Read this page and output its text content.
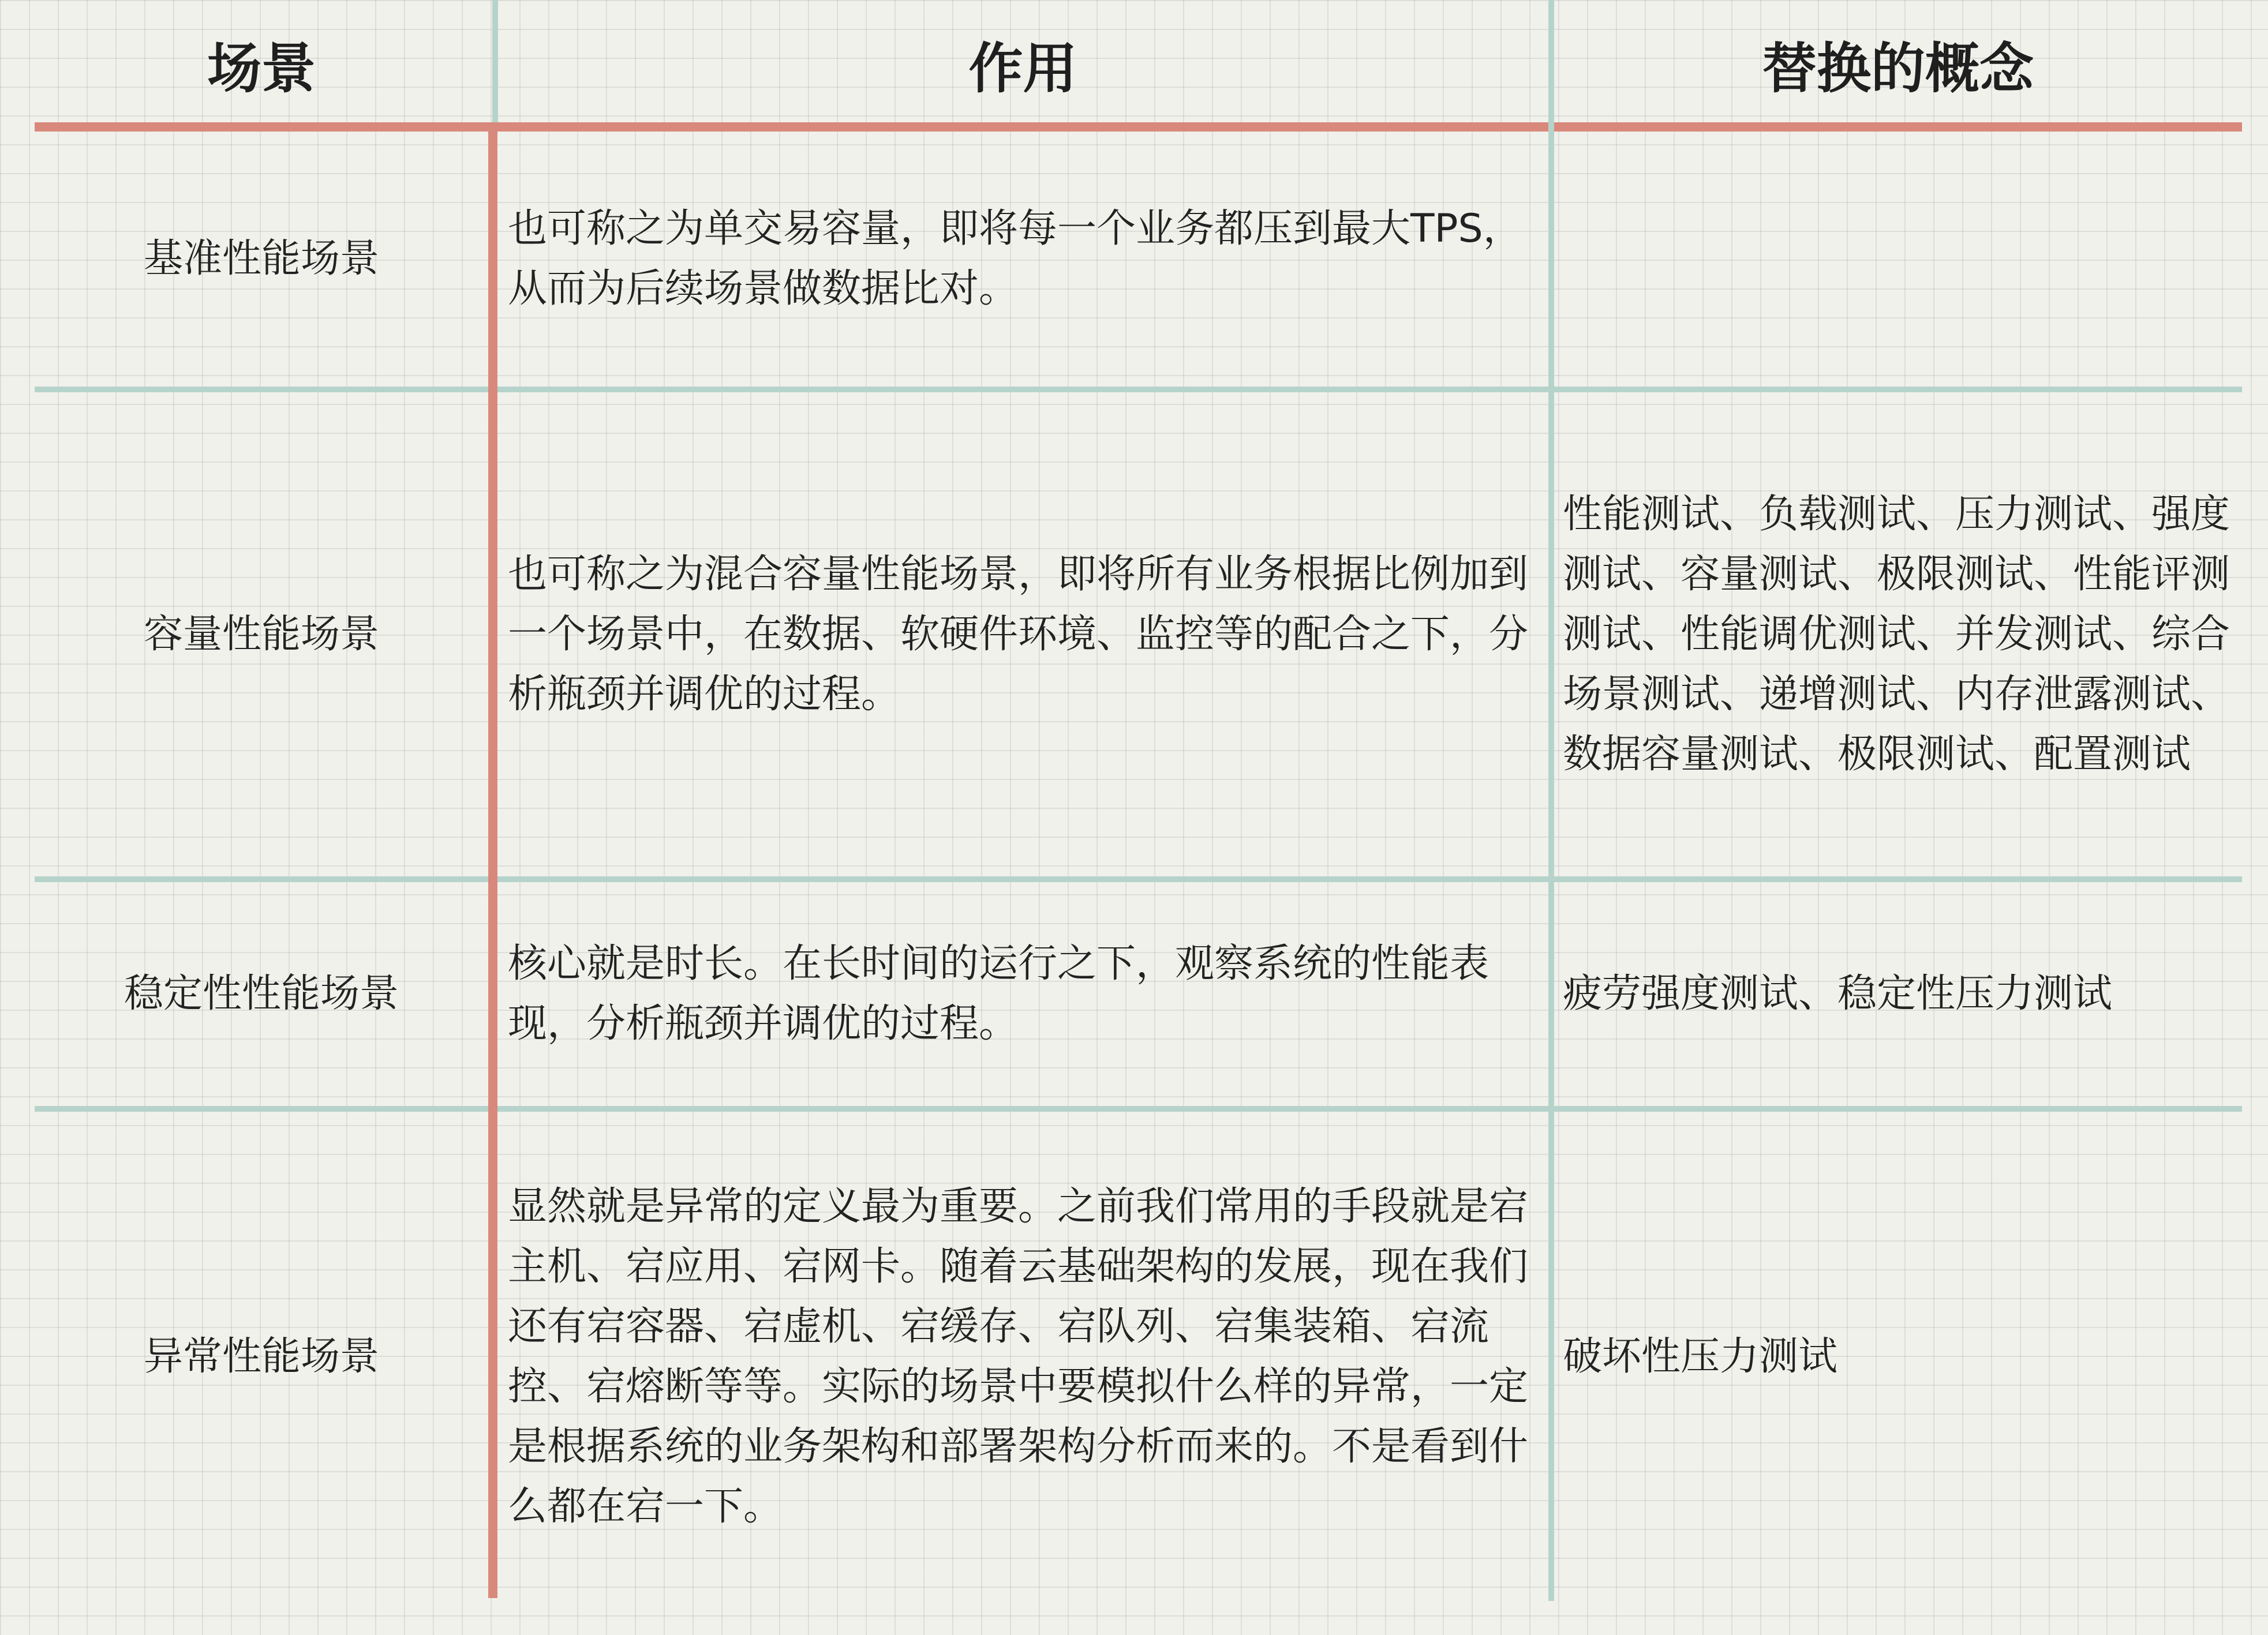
场景	作用	替换的概念
基准性能场景
也可称之为单交易容量，即将每一个业务都压到最大TPS，从而为后续场景做数据比对。
容量性能场景
也可称之为混合容量性能场景，即将所有业务根据比例加到一个场景中，在数据、软硬件环境、监控等的配合之下，分析瓶颈并调优的过程。
性能测试、负载测试、压力测试、强度测试、容量测试、极限测试、性能评测测试、性能调优测试、并发测试、综合场景测试、递增测试、内存泄露测试、数据容量测试、极限测试、配置测试
稳定性性能场景
核心就是时长。在长时间的运行之下，观察系统的性能表现，分析瓶颈并调优的过程。
疲劳强度测试、稳定性压力测试
异常性能场景
显然就是异常的定义最为重要。之前我们常用的手段就是宕主机、宕应用、宕网卡。随着云基础架构的发展，现在我们还有宕容器、宕虚机、宕缓存、宕队列、宕集装箱、宕流控、宕熔断等等。实际的场景中要模拟什么样的异常，一定是根据系统的业务架构和部署架构分析而来的。不是看到什么都在宕一下。
破坏性压力测试
